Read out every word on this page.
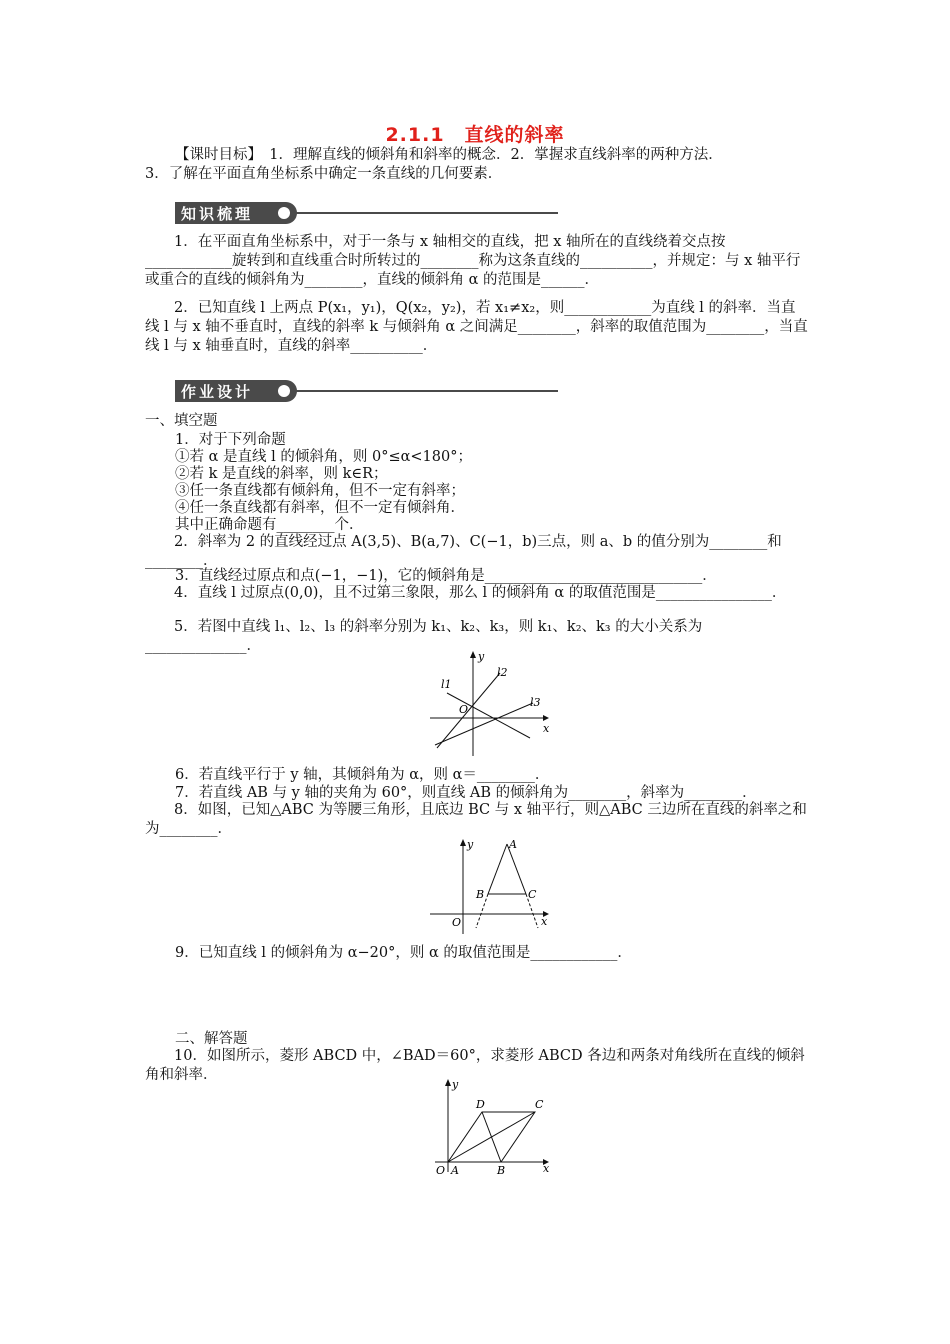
2.1.1　直线的斜率
【课时目标】　1．理解直线的倾斜角和斜率的概念．2．掌握求直线斜率的两种方法．
3．了解在平面直角坐标系中确定一条直线的几何要素．
知识梳理
1．在平面直角坐标系中，对于一条与 x 轴相交的直线，把 x 轴所在的直线绕着交点按____________旋转到和直线重合时所转过的________称为这条直线的__________，并规定：与 x 轴平行或重合的直线的倾斜角为________，直线的倾斜角 α 的范围是______．
2．已知直线 l 上两点 P(x₁，y₁)，Q(x₂，y₂)，若 x₁≠x₂，则____________为直线 l 的斜率．当直线 l 与 x 轴不垂直时，直线的斜率 k 与倾斜角 α 之间满足________，斜率的取值范围为________，当直线 l 与 x 轴垂直时，直线的斜率__________．
作业设计
一、填空题
1．对于下列命题
①若 α 是直线 l 的倾斜角，则 0°≤α<180°；
②若 k 是直线的斜率，则 k∈R；
③任一条直线都有倾斜角，但不一定有斜率；
④任一条直线都有斜率，但不一定有倾斜角．
其中正确命题有________个．
2．斜率为 2 的直线经过点 A(3,5)、B(a,7)、C(−1，b)三点，则 a、b 的值分别为________和________．
3．直线经过原点和点(−1，−1)，它的倾斜角是______________________________．
4．直线 l 过原点(0,0)，且不过第三象限，那么 l 的倾斜角 α 的取值范围是________________．
5．若图中直线 l₁、l₂、l₃ 的斜率分别为 k₁、k₂、k₃，则 k₁、k₂、k₃ 的大小关系为______________．
y
x
O
l1
l2
l3
6．若直线平行于 y 轴，其倾斜角为 α，则 α＝________．
7．若直线 AB 与 y 轴的夹角为 60°，则直线 AB 的倾斜角为________，斜率为________．
8．如图，已知△ABC 为等腰三角形，且底边 BC 与 x 轴平行，则△ABC 三边所在直线的斜率之和为________．
y
x
O
A
B	C
9．已知直线 l 的倾斜角为 α−20°，则 α 的取值范围是____________．
二、解答题
10．如图所示，菱形 ABCD 中，∠BAD＝60°，求菱形 ABCD 各边和两条对角线所在直线的倾斜角和斜率．
y
x
O A	B
C
D
